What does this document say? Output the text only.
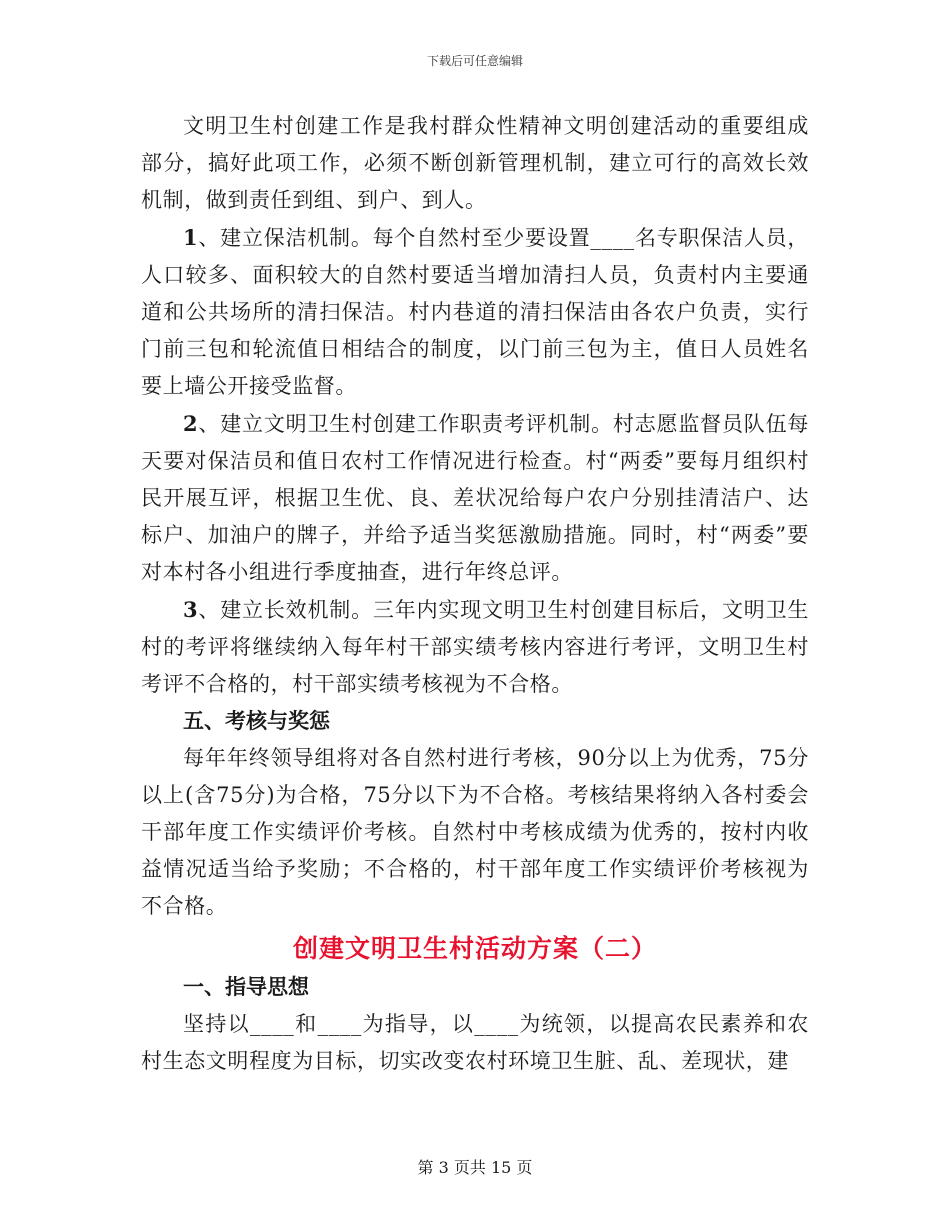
下载后可任意编辑

文明卫生村创建工作是我村群众性精神文明创建活动的重要组成部分，搞好此项工作，必须不断创新管理机制，建立可行的高效长效机制，做到责任到组、到户、到人。

1、建立保洁机制。每个自然村至少要设置____名专职保洁人员，人口较多、面积较大的自然村要适当增加清扫人员，负责村内主要通道和公共场所的清扫保洁。村内巷道的清扫保洁由各农户负责，实行门前三包和轮流值日相结合的制度，以门前三包为主，值日人员姓名要上墙公开接受监督。

2、建立文明卫生村创建工作职责考评机制。村志愿监督员队伍每天要对保洁员和值日农村工作情况进行检查。村“两委”要每月组织村民开展互评，根据卫生优、良、差状况给每户农户分别挂清洁户、达标户、加油户的牌子，并给予适当奖惩激励措施。同时，村“两委”要对本村各小组进行季度抽查，进行年终总评。

3、建立长效机制。三年内实现文明卫生村创建目标后，文明卫生村的考评将继续纳入每年村干部实绩考核内容进行考评，文明卫生村考评不合格的，村干部实绩考核视为不合格。

五、考核与奖惩

每年年终领导组将对各自然村进行考核，90分以上为优秀，75分以上(含75分)为合格，75分以下为不合格。考核结果将纳入各村委会干部年度工作实绩评价考核。自然村中考核成绩为优秀的，按村内收益情况适当给予奖励；不合格的，村干部年度工作实绩评价考核视为不合格。

创建文明卫生村活动方案（二）

一、指导思想

坚持以____和____为指导，以____为统领，以提高农民素养和农村生态文明程度为目标，切实改变农村环境卫生脏、乱、差现状，建

第 3 页共 15 页
